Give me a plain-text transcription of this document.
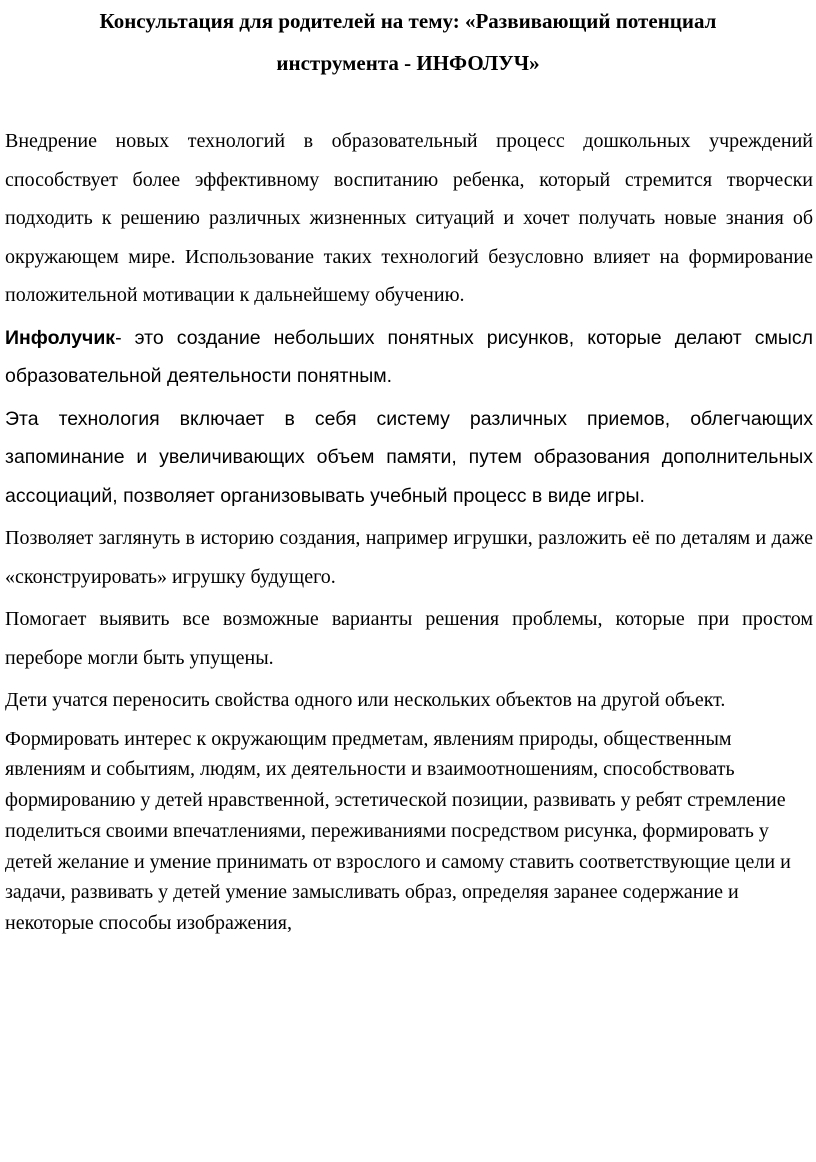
Консультация для родителей на тему: «Развивающий потенциал
инструмента - ИНФОЛУЧ»

Внедрение новых технологий в образовательный процесс дошкольных учреждений способствует более эффективному воспитанию ребенка, который стремится творчески подходить к решению различных жизненных ситуаций и хочет получать новые знания об окружающем мире. Использование таких технологий безусловно влияет на формирование положительной мотивации к дальнейшему обучению.

Инфолучик- это создание небольших понятных рисунков, которые делают смысл образовательной деятельности понятным.

Эта технология включает в себя систему различных приемов, облегчающих запоминание и увеличивающих объем памяти, путем образования дополнительных ассоциаций, позволяет организовывать учебный процесс в виде игры.

Позволяет заглянуть в историю создания, например игрушки, разложить её по деталям и даже «сконструировать» игрушку будущего.

Помогает выявить все возможные варианты решения проблемы, которые при простом переборе могли быть упущены.

Дети учатся переносить свойства одного или нескольких объектов на другой объект.

Формировать интерес к окружающим предметам, явлениям природы, общественным явлениям и событиям, людям, их деятельности и взаимоотношениям, способствовать формированию у детей нравственной, эстетической позиции, развивать у ребят стремление поделиться своими впечатлениями, переживаниями посредством рисунка, формировать у детей желание и умение принимать от взрослого и самому ставить соответствующие цели и задачи, развивать у детей умение замысливать образ, определяя заранее содержание и некоторые способы изображения,
